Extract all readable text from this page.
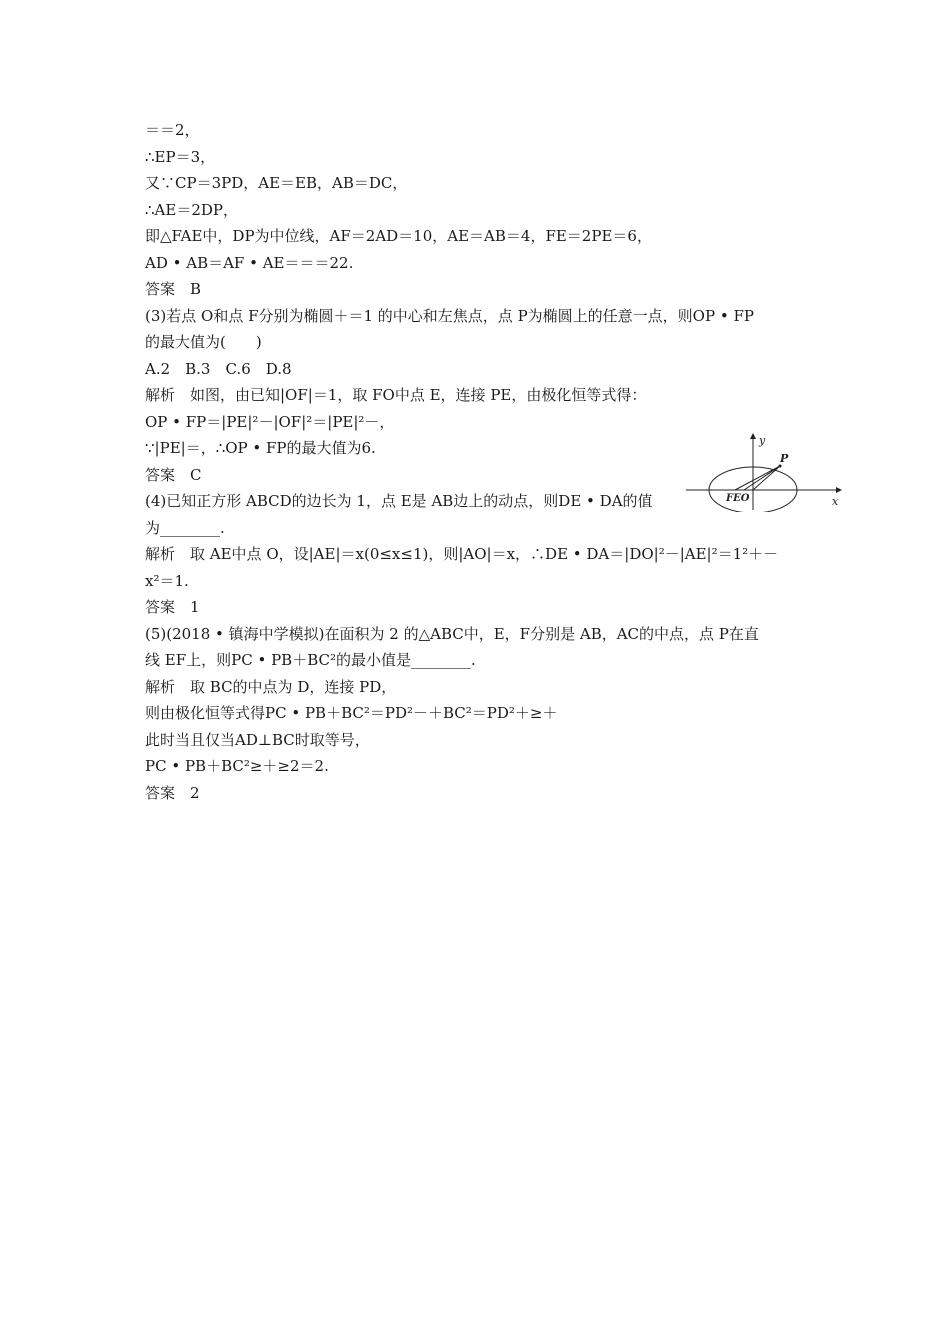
＝＝2，
∴EP＝3，
又∵CP＝3PD，AE＝EB，AB＝DC，
∴AE＝2DP，
即△FAE中，DP为中位线，AF＝2AD＝10，AE＝AB＝4，FE＝2PE＝6，
AD • AB＝AF • AE＝＝＝22.
答案　B
(3)若点 O和点 F分别为椭圆＋＝1 的中心和左焦点，点 P为椭圆上的任意一点，则OP • FP
的最大值为(　　)
A.2　B.3　C.6　D.8
解析　如图，由已知|OF|＝1，取 FO中点 E，连接 PE，由极化恒等式得：
OP • FP＝|PE|²－|OF|²＝|PE|²－，
∵|PE|＝，∴OP • FP的最大值为6.
答案　C
(4)已知正方形 ABCD的边长为 1，点 E是 AB边上的动点，则DE • DA的值
为________.
解析　取 AE中点 O，设|AE|＝x(0≤x≤1)，则|AO|＝x，∴DE • DA＝|DO|²－|AE|²＝1²＋－
x²＝1.
答案　1
(5)(2018 • 镇海中学模拟)在面积为 2 的△ABC中，E，F分别是 AB，AC的中点，点 P在直
线 EF上，则PC • PB＋BC²的最小值是________.
解析　取 BC的中点为 D，连接 PD，
则由极化恒等式得PC • PB＋BC²＝PD²－＋BC²＝PD²＋≥＋
此时当且仅当AD⊥BC时取等号，
PC • PB＋BC²≥＋≥2＝2.
答案　2
y
x
P
FEO
